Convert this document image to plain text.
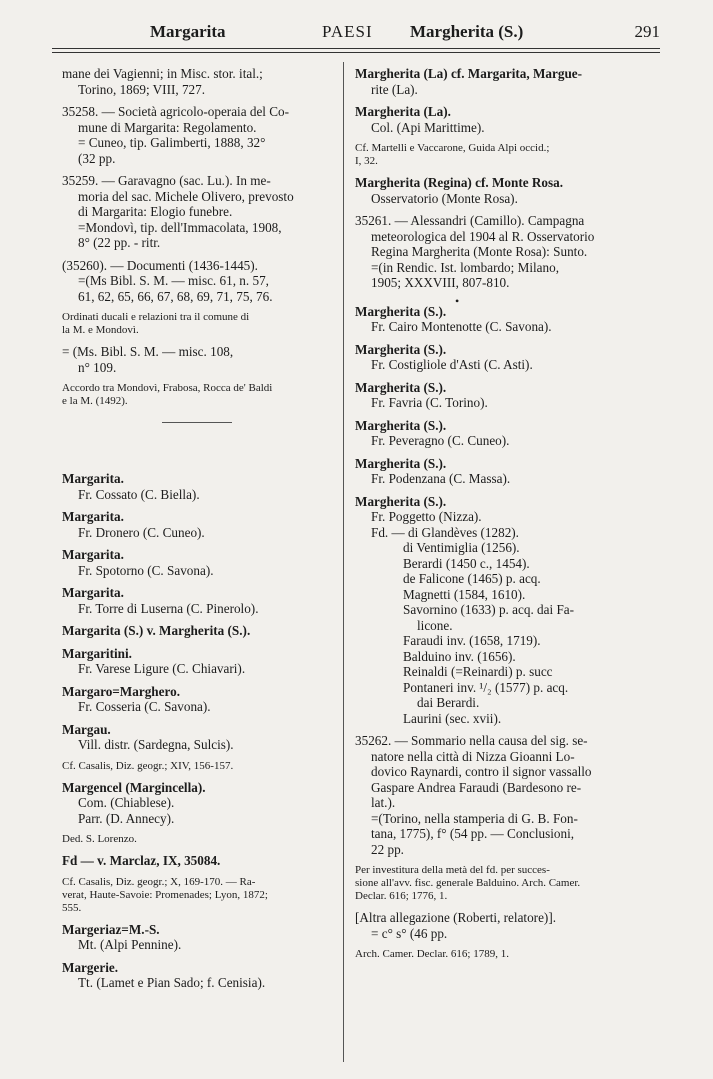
Margarita	PAESI Margherita (S.)	291
mane dei Vagienni; in Misc. stor. ital.;
Torino, 1869; VIII, 727.
35258. — Società agricolo-operaia del Co-
mune di Margarita: Regolamento.
= Cuneo, tip. Galimberti, 1888, 32°
(32 pp.
35259. — Garavagno (sac. Lu.). In me-
moria del sac. Michele Olivero, prevosto
di Margarita: Elogio funebre.
=Mondovì, tip. dell'Immacolata, 1908,
8° (22 pp. - ritr.
(35260). — Documenti (1436-1445).
=(Ms Bibl. S. M. — misc. 61, n. 57,
61, 62, 65, 66, 67, 68, 69, 71, 75, 76.
Ordinati ducali e relazioni tra il comune di
la M. e Mondovì.
= (Ms. Bibl. S. M. — misc. 108,
n° 109.
Accordo tra Mondovì, Frabosa, Rocca de' Baldi
e la M. (1492).
Margarita.
Fr. Cossato (C. Biella).
Margarita.
Fr. Dronero (C. Cuneo).
Margarita.
Fr. Spotorno (C. Savona).
Margarita.
Fr. Torre di Luserna (C. Pinerolo).
Margarita (S.) v. Margherita (S.).
Margaritini.
Fr. Varese Ligure (C. Chiavari).
Margaro=Marghero.
Fr. Cosseria (C. Savona).
Margau.
Vill. distr. (Sardegna, Sulcis).
Cf. Casalis, Diz. geogr.; XIV, 156-157.
Margencel (Margincella).
Com. (Chiablese).
Parr. (D. Annecy).
Ded. S. Lorenzo.
Fd — v. Marclaz, IX, 35084.
Cf. Casalis, Diz. geogr.; X, 169-170. — Ra-
verat, Haute-Savoie: Promenades; Lyon, 1872;
555.
Margeriaz=M.-S.
Mt. (Alpi Pennine).
Margerie.
Tt. (Lamet e Pian Sado; f. Cenisia).
Margherita (La) cf. Margarita, Margue-
rite (La).
Margherita (La).
Col. (Api Marittime).
Cf. Martelli e Vaccarone, Guida Alpi occid.;
I, 32.
Margherita (Regina) cf. Monte Rosa.
Osservatorio (Monte Rosa).
35261. — Alessandri (Camillo). Campagna
meteorologica del 1904 al R. Osservatorio
Regina Margherita (Monte Rosa): Sunto.
=(in Rendic. Ist. lombardo; Milano,
1905; XXXVIII, 807-810.
•
Margherita (S.).
Fr. Cairo Montenotte (C. Savona).
Margherita (S.).
Fr. Costigliole d'Asti (C. Asti).
Margherita (S.).
Fr. Favria (C. Torino).
Margherita (S.).
Fr. Peveragno (C. Cuneo).
Margherita (S.).
Fr. Podenzana (C. Massa).
Margherita (S.).
Fr. Poggetto (Nizza).
Fd. — di Glandèves (1282).
di Ventimiglia (1256).
Berardi (1450 c., 1454).
de Falicone (1465) p. acq.
Magnetti (1584, 1610).
Savornino (1633) p. acq. dai Fa-
licone.
Faraudi inv. (1658, 1719).
Balduino inv. (1656).
Reinaldi (=Reinardi) p. succ
Pontaneri inv. ¹/₂ (1577) p. acq.
dai Berardi.
Laurini (sec. xvii).
35262. — Sommario nella causa del sig. se-
natore nella città di Nizza Gioanni Lo-
dovico Raynardi, contro il signor vassallo
Gaspare Andrea Faraudi (Bardesono re-
lat.).
=(Torino, nella stamperia di G. B. Fon-
tana, 1775), f° (54 pp. — Conclusioni,
22 pp.
Per investitura della metà del fd. per succes-
sione all'avv. fisc. generale Balduino. Arch. Camer.
Declar. 616; 1776, 1.
[Altra allegazione (Roberti, relatore)].
= c° s° (46 pp.
Arch. Camer. Declar. 616; 1789, 1.
